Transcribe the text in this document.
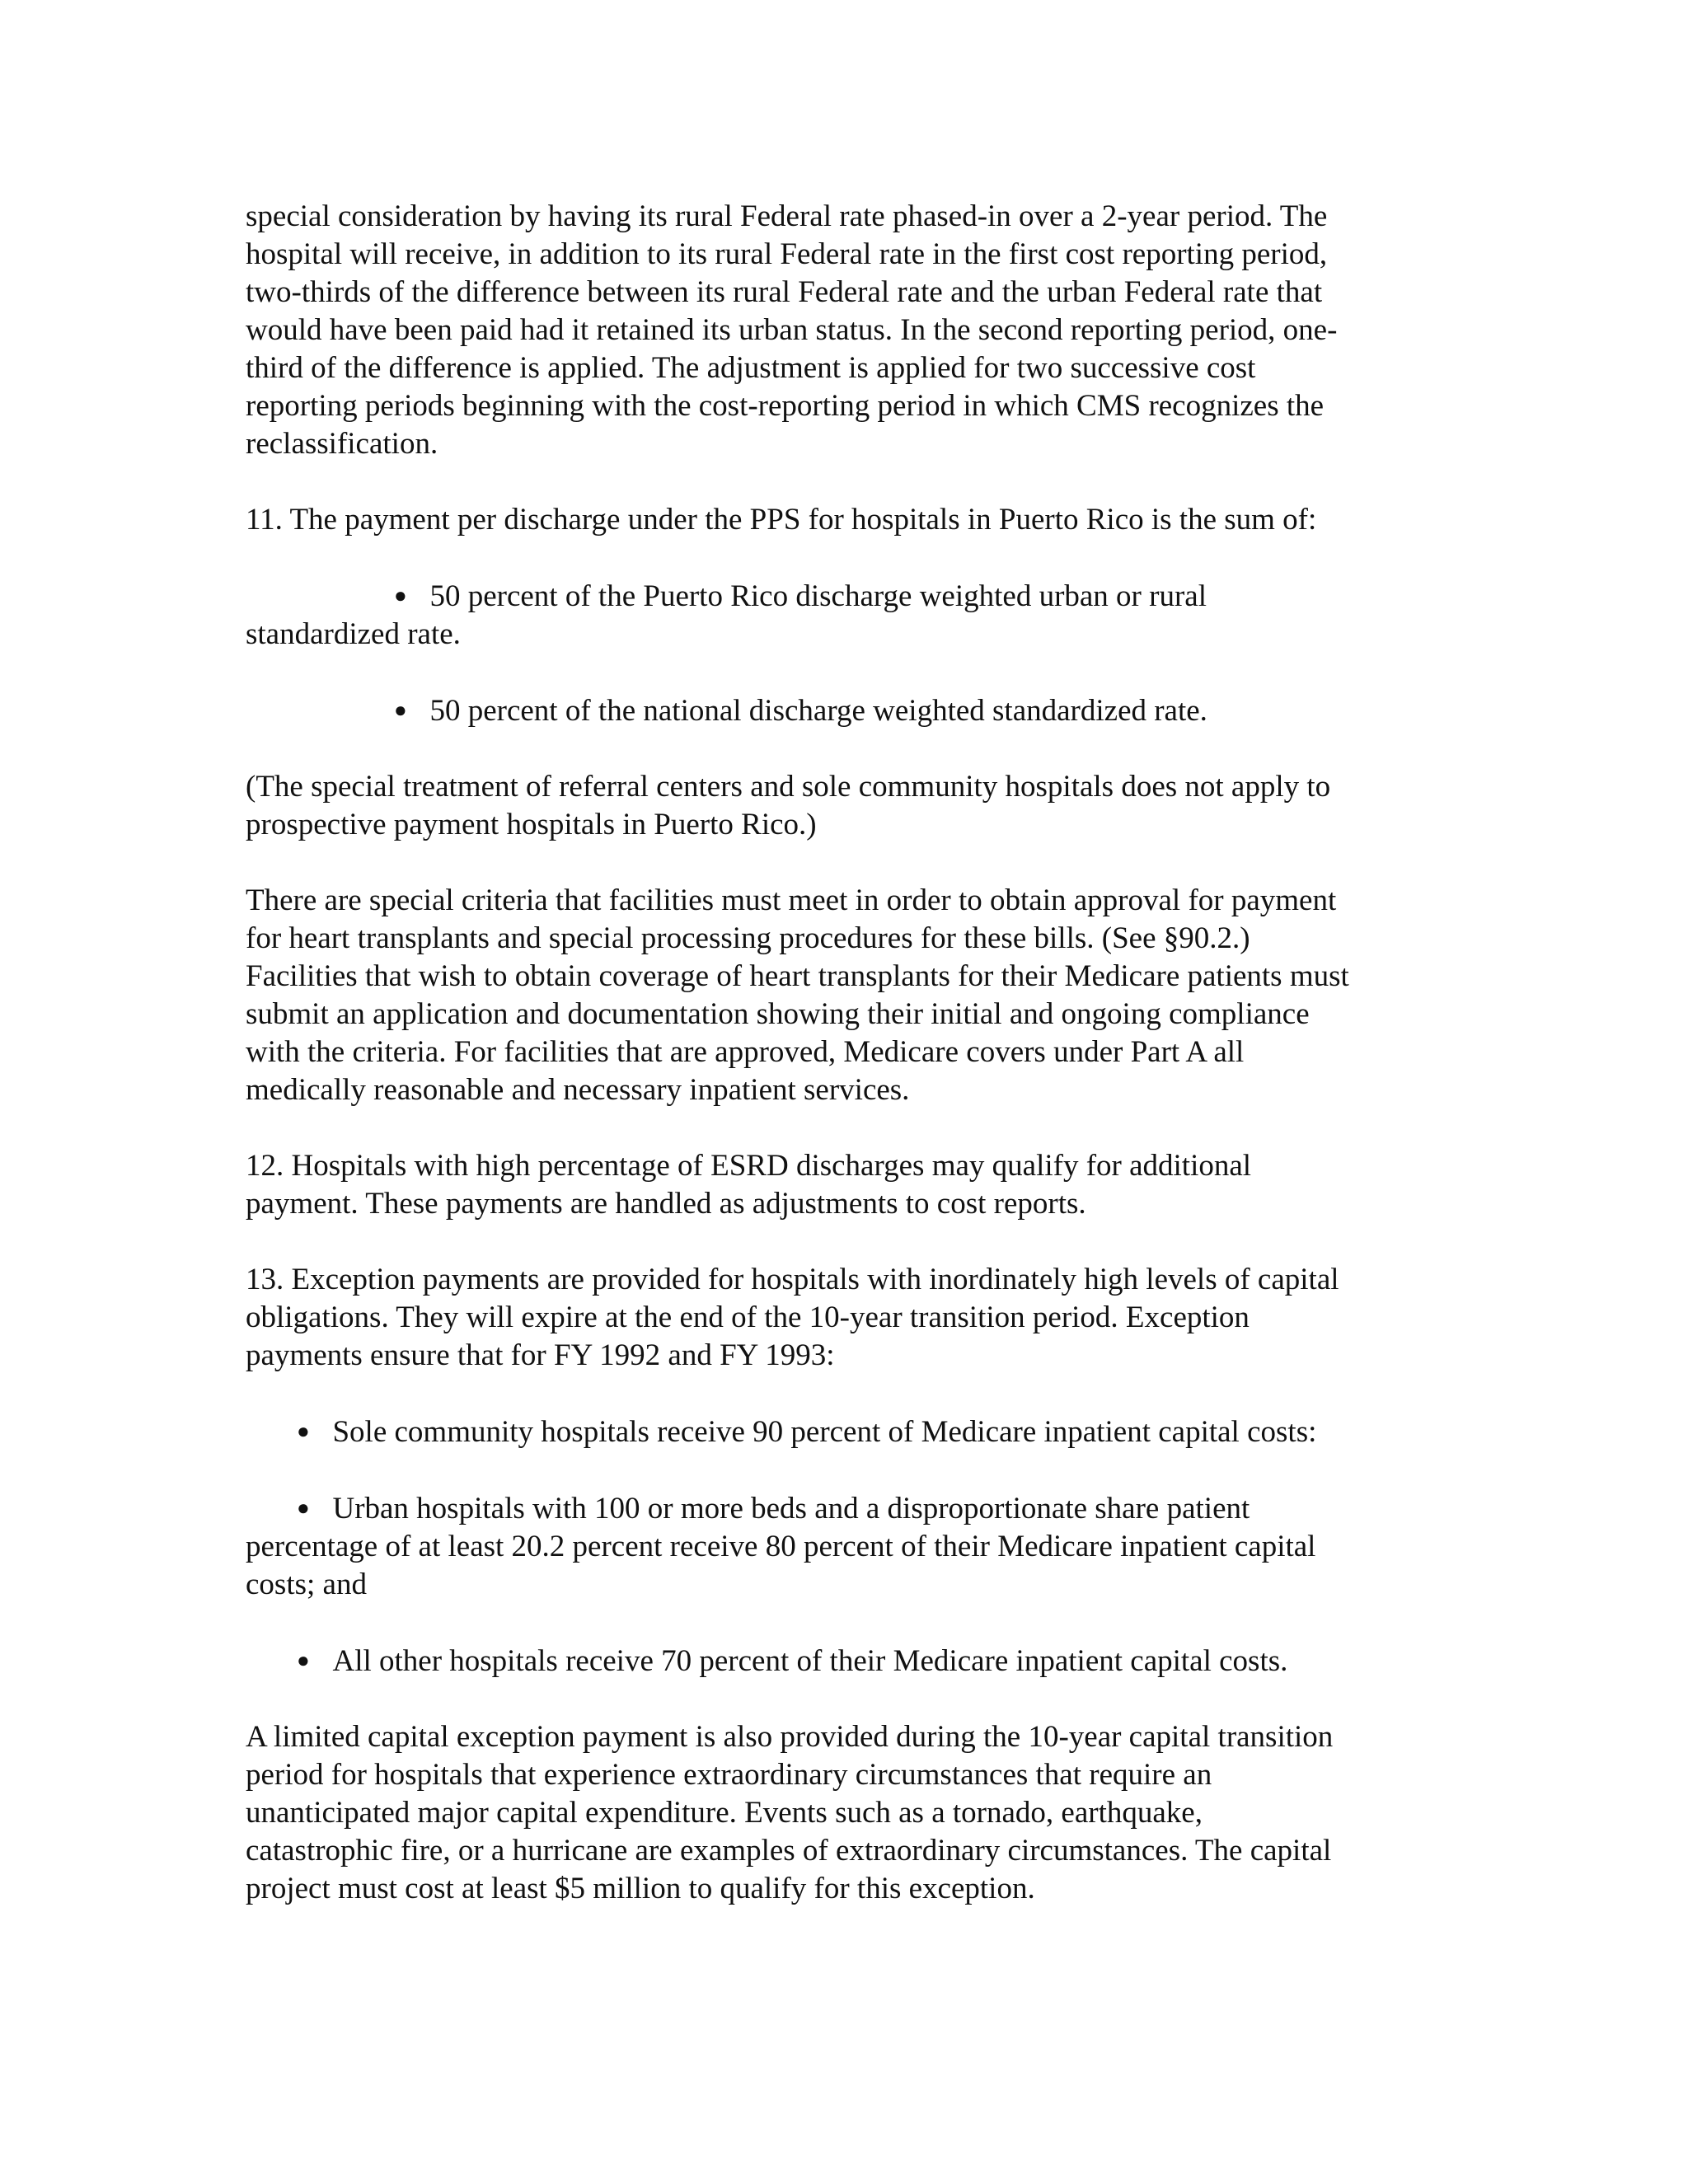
special consideration by having its rural Federal rate phased-in over a 2-year period. The
hospital will receive, in addition to its rural Federal rate in the first cost reporting period,
two-thirds of the difference between its rural Federal rate and the urban Federal rate that
would have been paid had it retained its urban status. In the second reporting period, one-
third of the difference is applied. The adjustment is applied for two successive cost
reporting periods beginning with the cost-reporting period in which CMS recognizes the
reclassification.

11. The payment per discharge under the PPS for hospitals in Puerto Rico is the sum of:

● 50 percent of the Puerto Rico discharge weighted urban or rural

standardized rate.

● 50 percent of the national discharge weighted standardized rate.

(The special treatment of referral centers and sole community hospitals does not apply to
prospective payment hospitals in Puerto Rico.)

There are special criteria that facilities must meet in order to obtain approval for payment
for heart transplants and special processing procedures for these bills. (See §90.2.)
Facilities that wish to obtain coverage of heart transplants for their Medicare patients must
submit an application and documentation showing their initial and ongoing compliance
with the criteria. For facilities that are approved, Medicare covers under Part A all
medically reasonable and necessary inpatient services.

12. Hospitals with high percentage of ESRD discharges may qualify for additional
payment. These payments are handled as adjustments to cost reports.

13. Exception payments are provided for hospitals with inordinately high levels of capital
obligations. They will expire at the end of the 10-year transition period. Exception
payments ensure that for FY 1992 and FY 1993:

● Sole community hospitals receive 90 percent of Medicare inpatient capital costs:
● Urban hospitals with 100 or more beds and a disproportionate share patient

percentage of at least 20.2 percent receive 80 percent of their Medicare inpatient capital
costs; and

● All other hospitals receive 70 percent of their Medicare inpatient capital costs.

A limited capital exception payment is also provided during the 10-year capital transition
period for hospitals that experience extraordinary circumstances that require an
unanticipated major capital expenditure. Events such as a tornado, earthquake,
catastrophic fire, or a hurricane are examples of extraordinary circumstances. The capital
project must cost at least $5 million to qualify for this exception.
